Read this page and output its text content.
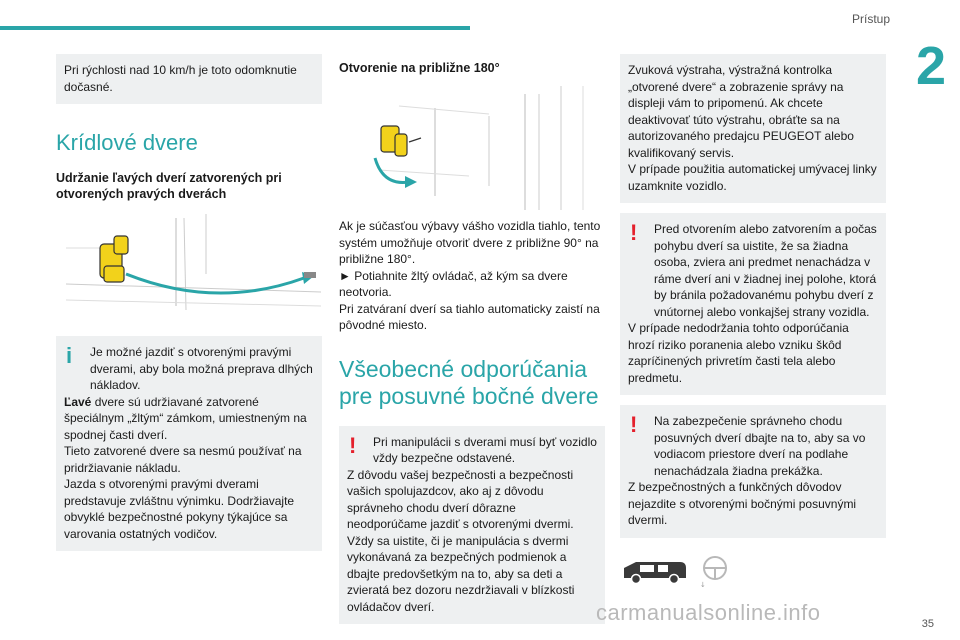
Prístup
2
35

Pri rýchlosti nad 10 km/h je toto odomknutie dočasné.

Krídlové dvere
Udržanie ľavých dverí zatvorených pri otvorených pravých dverách
i	Je možné jazdiť s otvorenými pravými dverami, aby bola možná preprava dlhých nákladov.
Ľavé dvere sú udržiavané zatvorené špeciálnym „žltým“ zámkom, umiestneným na spodnej časti dverí.
Tieto zatvorené dvere sa nesmú používať na pridržiavanie nákladu.
Jazda s otvorenými pravými dverami predstavuje zvláštnu výnimku. Dodržiavajte obvyklé bezpečnostné pokyny týkajúce sa varovania ostatných vodičov.
Otvorenie na približne 180°

Ak je súčasťou výbavy vášho vozidla tiahlo, tento systém umožňuje otvoriť dvere z približne 90° na približne 180°.

► Potiahnite žltý ovládač, až kým sa dvere neotvoria.

Pri zatváraní dverí sa tiahlo automaticky zaistí na pôvodné miesto.

Všeobecné odporúčania pre posuvné bočné dvere
!	Pri manipulácii s dverami musí byť vozidlo vždy bezpečne odstavené.
Z dôvodu vašej bezpečnosti a bezpečnosti vašich spolujazdcov, ako aj z dôvodu správneho chodu dverí dôrazne neodporúčame jazdiť s otvorenými dvermi. Vždy sa uistite, či je manipulácia s dvermi vykonávaná za bezpečných podmienok a dbajte predovšetkým na to, aby sa deti a zvieratá bez dozoru nezdržiavali v blízkosti ovládačov dverí.

Zvuková výstraha, výstražná kontrolka „otvorené dvere“ a zobrazenie správy na displeji vám to pripomenú. Ak chcete deaktivovať túto výstrahu, obráťte sa na autorizovaného predajcu PEUGEOT alebo kvalifikovaný servis.

V prípade použitia automatickej umývacej linky uzamknite vozidlo.

!	Pred otvorením alebo zatvorením a počas pohybu dverí sa uistite, že sa žiadna osoba, zviera ani predmet nenachádza v ráme dverí ani v žiadnej inej polohe, ktorá by bránila požadovanému pohybu dverí z vnútornej alebo vonkajšej strany vozidla.
V prípade nedodržania tohto odporúčania hrozí riziko poranenia alebo vzniku škôd zapríčinených privretím časti tela alebo predmetu.
!	Na zabezpečenie správneho chodu posuvných dverí dbajte na to, aby sa vo vodiacom priestore dverí na podlahe nenachádzala žiadna prekážka.
Z bezpečnostných a funkčných dôvodov nejazdite s otvorenými bočnými posuvnými dvermi.
↓
carmanualsonline.info
